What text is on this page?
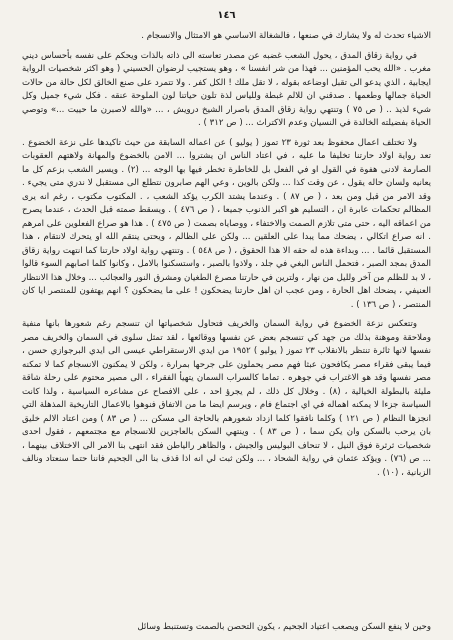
١٤٦

الاشياء تحدث له ولا يشارك في صنعها ، فالشغالة الاساسي هو الامتثال والانسجام .

في رواية زقاق المدق ، يحول الشعب غضبه عن مصدر تعاسته الى ذاته بالذات ويحكم على نفسه بأحساس ديني مغرب . «الله يحب المؤمنين ... فهذا من شر انفسنا » ، وهو يستجيب لرضوان الحسيني ( وهو اكثر شخصيات الرواية ايجابية ، الذي يدعو الى تقبل اوضاعه بقوله ، لا تقل ملك ! الكل كفر . ولا تتمرد على صنع الخالق لكل حالة من حالات الحياة جمالها وطعمها . صدقني ان للالم غبطة وللياس لذة تلون حياتنا لون الملوحة عنقه . فكل شيء جميل وكل شيء لذيذ .. ( ص ٧٥ ) وتنتهي رواية زقاق المدق باصرار الشيخ درويش ، ... «والله لاصبرن ما حييت ...» وتوصي الحياة بفضيلته الخالدة في النسيان وعدم الاكتراث ... ( ص ٣١٢ ) .

ولا تختلف اعمال محفوظ بعد ثورة ٢٣ تموز ( يوليو ) عن اعماله السابقة من حيث تاكيدها على نزعة الخضوع . تعد رواية اولاد حارتنا تخليفا ما عليه ، في اعتاد الناس ان يشتروا ... الامن بالخضوع والمهانة ولاهتهم العقوبات الصارمة لادنى هفوة في القول او في الفعل بل للخاطرة تخطر فيها بها الوجه ... (٢) . ويسير الشعب بزعم كل ما يعانيه ولسان حاله يقول ، عن وقت كذا ... ولكن بالوين ، وعي الهم صابرون نتطلع الى مستقبل لا ندري متى يجيء . وقد الامر من قبل ومن بعد ، ( ص ٨٧ ) . وعندما يشتد الكرب يؤكد الشعب ، . المكتوب مكتوب ، رغم انه يرى المظالم تحكمات عابرة ان ، التسليم هو اكبر الذنوب جميعا ، ( ص ٤٧٦ ) . ويسقط صمته قبل الحدث ، عندما يصرح من اعماقه اليه ، حتى متى تلازم الصمت والاختفاء ، ووصاياه بصمت ( ص ٤٧٥ ) . هذا هو صراع الفعلوين على امرهم . انه صراع اتكالي ، يضحك مما يبدا على العلقين ... ولكن على الظالم ، ويحتى ينتقم الله او يتحرك لانتقام ، هذا المستقبل قائما . ... وبداءة هذه له حقه الا هذا الحقوق ، ( ص ٥٤٨ ) . وتنتهي رواية اولاد حارتنا كما انتهت رواية زقاق المدق بمجد الصبر ، فتحمل الناس البغي في جلد ، ولاذوا بالصبر ، واستسكنوا بالامل ، وكانوا كلما اصابهم السوء قالوا ، لا بد للظلم من آخر ولليل من نهار ، ولترين في حارتنا مصرع الطغيان ومشرق النور والعجائب ... وخلال هذا الانتظار العنيفي ، يضحك اهل الحارة ، ومن عجب ان اهل حارتنا يضحكون ! على ما يضحكون ؟ انهم يهتفون للمنتصر ايا كان المنتصر ، ( ص ١٣٦ ) .

وتتعكس نزعة الخضوع في رواية السمان والخريف فتحاول شخصياتها ان تنسجم رغم شعورها بانها منفية وملاحقة وموهنة بذلك من جهد كي تنسجم بعض عن نفسها ووقائعها ، لقد تمثل سلوى في السمان والخريف مصر نفسها لانها ثائرة تنتظر بالانقلاب ٢٣ تموز ( يوليو ) ١٩٥٢ من ايدي الارستقراطي عيسى الى ايدي البرجوازي حسن ، فيما يبقى فقراء مصر يكافحون عبثا فهم مصر يحملون على جرحها بمرارة ، ولكن لا يمكنون الانسجام كما لا تمكنه مصر نفسها وقد هو الاغتراب في جوهره . تماما كالسراب السمان يتهيأ الفقراء ، الى مصير محتوم على رحلة شاقة مليئة بالبطولة الخيالية ، (٨) . وخلال كل ذلك ، لم يجرؤ احد ، على الافصاح عن مشاعره السياسية ، ولذا كانت السياسة جزءا لا يمكنه اهماله في اي اجتماع فام ، ويرسم ايضا ما من الاتفاق فنوهوا بالاعمال التاريخية المذهلة التي انجزها النظام ( ص ١٢١ ) وكلما نافقوا كلما ازداد شعورهم بالحاجة الى مسكن ... ( ص ٨٣ ) ومن اعتاد الالم خليق بان يرحب بالسكن وان يكن سما ، ( ص ٨٣ ) . وينتهي السكن بالعاجزين للانسجام مع مجتمعهم ، فقول احدى شخصيات ثرثرة فوق النيل ، لا تنحاف البوليس والجيش ، والظاهر رالياطن فقد انتهى بنا الامر الى الاختلاف بينهما ، ... ص (٧٦) . ويؤكد عثمان في رواية الشحاذ ، ... ولكن ثبت لي انه اذا قذف بنا الى الجحيم فاننا حتما سنعتاد ونالف الزبانية ، (١٠) .

وحين لا ينفع السكن ويصعب اعتياد الجحيم ، يكون التحصن بالصمت وتستنبط وسائل
